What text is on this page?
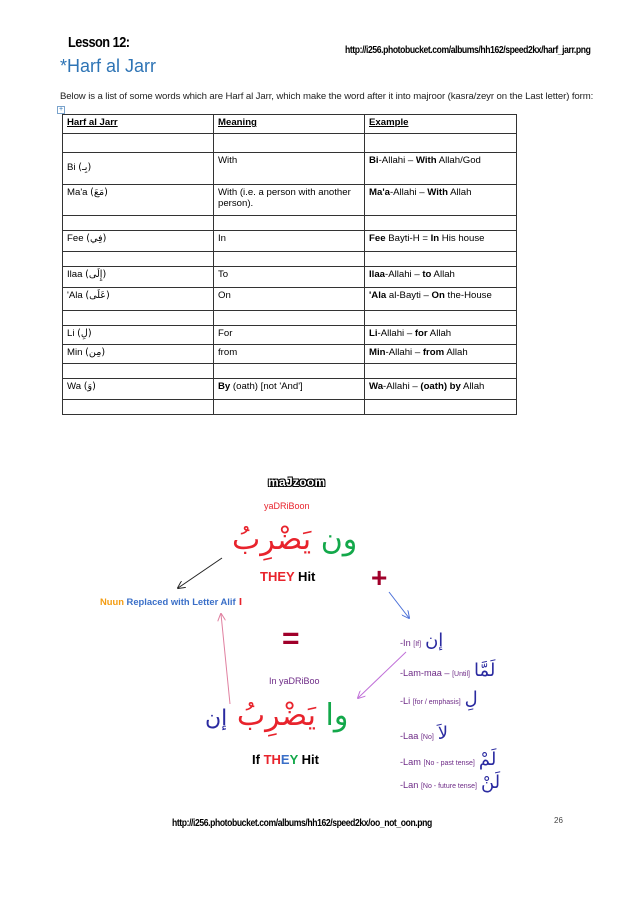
Lesson 12:	http://i256.photobucket.com/albums/hh162/speed2kx/harf_jarr.png
*Harf al Jarr
Below is a list of some words which are Harf al Jarr, which make the word after it into majroor (kasra/zeyr on the Last letter) form:
+
Harf al Jarr	Meaning	Example

Bi (بِـ)	With	Bi-Allahi – With Allah/God
Ma'a (مَعَ)	With (i.e. a person with another person).	Ma'a-Allahi – With Allah

Fee (فِي)	In	Fee Bayti-H = In His house

Ilaa (إِلَى)	To	Ilaa-Allahi – to Allah
'Ala (عَلَى)	On	'Ala al-Bayti – On the-House

Li (لِ)	For	Li-Allahi – for Allah
Min (مِن)	from	Min-Allahi – from Allah

Wa (وَ)	By (oath) [not 'And']	Wa-Allahi – (oath) by Allah

maJzoom
yaDRiBoon
ون يَضْرِبُ
THEY Hit +
Nuun Replaced with Letter Alif ا
=
In yaDRiBoo
وا يَضْرِبُ إن
If THEY Hit
-In [If] إن
-Lam-maa – [Until] لَمَّا
-Li [for / emphasis] لِ
-Laa [No] لاَ
-Lam [No - past tense] لَمْ
-Lan [No - future tense] لَنْ
http://i256.photobucket.com/albums/hh162/speed2kx/oo_not_oon.png	26
